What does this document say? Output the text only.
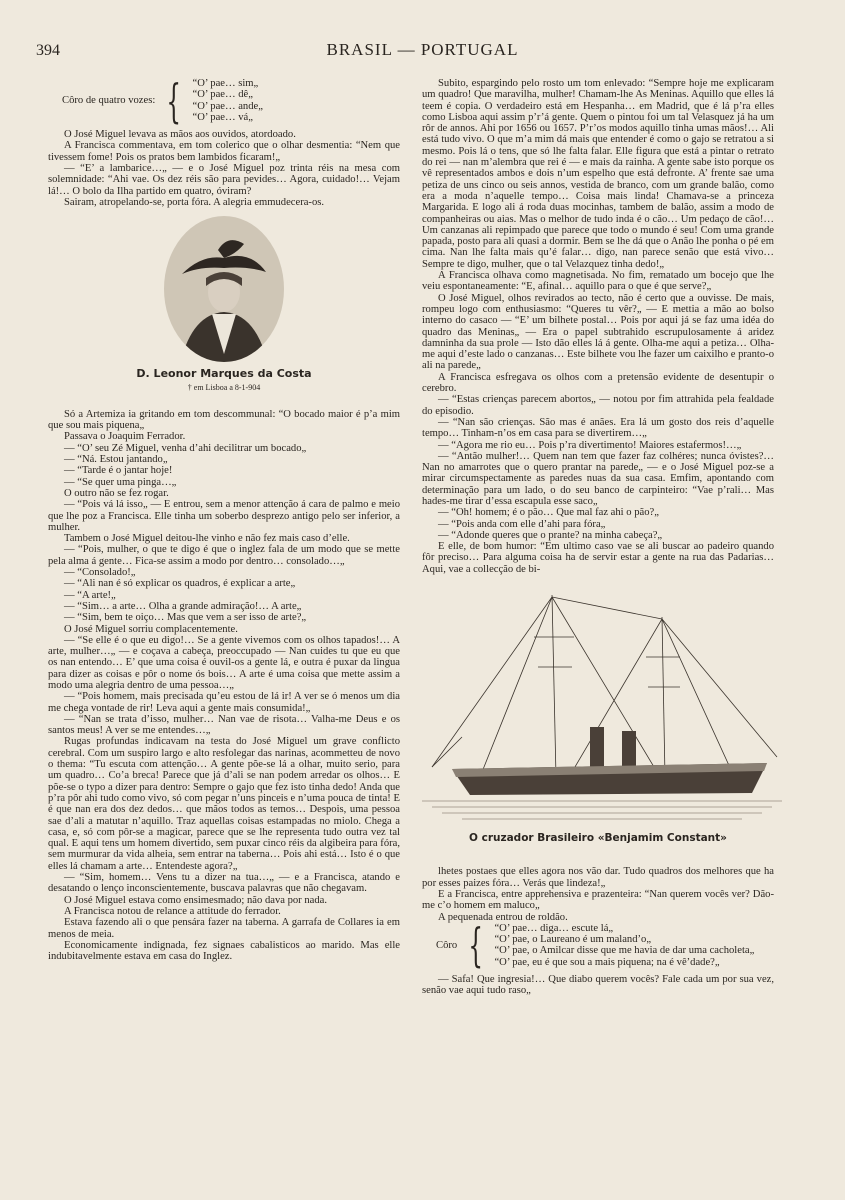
394	BRASIL — PORTUGAL
Côro de quatro vozes: { “O’ pae… sim„
“O’ pae… dê„
“O’ pae… ande„
“O’ pae… vá„

O José Miguel levava as mãos aos ouvidos, atordoado.

A Francisca commentava, em tom colerico que o olhar desmentia: “Nem que tivessem fome! Pois os pratos bem lambidos ficaram!„

— “E’ a lambarice…„ — e o José Miguel poz trinta réis na mesa com solemnidade: “Ahi vae. Os dez réis são para pevides… Agora, cuidado!… Vejam lá!… O bolo da Ilha partido em quatro, óviram?

Sairam, atropelando-se, porta fóra. A alegria emmudecera-os.

D. Leonor Marques da Costa
† em Lisboa a 8-1-904

Só a Artemiza ia gritando em tom descommunal: “O bocado maior é p’a mim que sou mais piquena„

Passava o Joaquim Ferrador.

— “O’ seu Zé Miguel, venha d’ahi decilitrar um bocado„

— “Ná. Estou jantando„

— “Tarde é o jantar hoje!

— “Se quer uma pinga…„

O outro não se fez rogar.

— “Pois vá lá isso„ — E entrou, sem a menor attenção á cara de palmo e meio que lhe poz a Francisca. Elle tinha um soberbo desprezo antigo pelo ser inferior, a mulher.

Tambem o José Miguel deitou-lhe vinho e não fez mais caso d’elle.

— “Pois, mulher, o que te digo é que o inglez fala de um modo que se mette pela alma á gente… Fica-se assim a modo por dentro… consolado…„

— “Consolado!„

— “Ali nan é só explicar os quadros, é explicar a arte„

— “A arte!„

— “Sim… a arte… Olha a grande admiração!… A arte„

— “Sim, bem te oiço… Mas que vem a ser isso de arte?„

O José Miguel sorriu complacentemente.

— “Se elle é o que eu digo!… Se a gente vivemos com os olhos tapados!… A arte, mulher…„ — e coçava a cabeça, preoccupado — Nan cuides tu que eu que os nan entendo… E’ que uma coisa é ouvil-os a gente lá, e outra é puxar da lingua para dizer as coisas e pôr o nome ós bois… A arte é uma coisa que mette assim a modo uma alegria dentro de uma pessoa…„

— “Pois homem, mais precisada qu’eu estou de lá ir! A ver se ó menos um dia me chega vontade de rir! Leva aqui a gente mais consumida!„

— “Nan se trata d’isso, mulher… Nan vae de risota… Valha-me Deus e os santos meus! A ver se me entendes…„

Rugas profundas indicavam na testa do José Miguel um grave conflicto cerebral. Com um suspiro largo e alto resfolegar das narinas, acommetteu de novo o thema: “Tu escuta com attenção… A gente põe-se lá a olhar, muito serio, para um quadro… Co’a breca! Parece que já d’ali se nan podem arredar os olhos… E põe-se o typo a dizer para dentro: Sempre o gajo que fez isto tinha dedo! Anda que p’ra pôr ahi tudo como vivo, só com pegar n’uns pinceis e n’uma pouca de tinta! E é que nan era dos dez dedos… que mãos todos as temos… Despois, uma pessoa sae d’ali a matutar n’aquillo. Traz aquellas coisas estampadas no miolo. Chega a casa, e, só com pôr-se a magicar, parece que se lhe representa tudo outra vez tal qual. E aqui tens um homem divertido, sem puxar cinco réis da algibeira para fóra, sem murmurar da vida alheia, sem entrar na taberna… Pois ahi está… Isto é o que elles lá chamam a arte… Entendeste agora?„

— “Sim, homem… Vens tu a dizer na tua…„ — e a Francisca, atando e desatando o lenço inconscientemente, buscava palavras que não chegavam.

O José Miguel estava como ensimesmado; não dava por nada.

A Francisca notou de relance a attitude do ferrador.

Estava fazendo ali o que pensára fazer na taberna. A garrafa de Collares ia em menos de meia.

Economicamente indignada, fez signaes cabalisticos ao marido. Mas elle indubitavelmente estava em casa do Inglez.

Subito, espargindo pelo rosto um tom enlevado: “Sempre hoje me explicaram um quadro! Que maravilha, mulher! Chamam-lhe As Meninas. Aquillo que elles lá teem é copia. O verdadeiro está em Hespanha… em Madrid, que é lá p’ra elles como Lisboa aqui assim p’r’á gente. Quem o pintou foi um tal Velasquez já ha um rôr de annos. Ahi por 1656 ou 1657. P’r’os modos aquillo tinha umas mãos!… Ali está tudo vivo. O que m’a mim dá mais que entender é como o gajo se retratou a si mesmo. Pois lá o tens, que só lhe falta falar. Elle figura que está a pintar o retrato do rei — nan m’alembra que rei é — e mais da rainha. A gente sabe isto porque os vê representados ambos e dois n’um espelho que está defronte. A’ frente sae uma petiza de uns cinco ou seis annos, vestida de branco, com um grande balão, como era a moda n’aquelle tempo… Coisa mais linda! Chamava-se a princeza Margarida. E logo ali á roda duas mocinhas, tambem de balão, assim a modo de companheiras ou aias. Mas o melhor de tudo inda é o cão… Um pedaço de cão!… Um canzanas ali repimpado que parece que todo o mundo é seu! Com uma grande papada, posto para ali quasi a dormir. Bem se lhe dá que o Anão lhe ponha o pé em cima. Nan lhe falta mais qu’é falar… digo, nan parece senão que está vivo… Sempre te digo, mulher, que o tal Velazquez tinha dedo!„

A Francisca olhava como magnetisada. No fim, rematado um bocejo que lhe veiu espontaneamente: “E, afinal… aquillo para o que é que serve?„

O José Miguel, olhos revirados ao tecto, não é certo que a ouvisse. De mais, rompeu logo com enthusiasmo: “Queres tu vêr?„ — E mettia a mão ao bolso interno do casaco — “E’ um bilhete postal… Pois por aqui já se faz uma idéa do quadro das Meninas„ — Era o papel subtrahido escrupulosamente á aridez damninha da sua prole — Isto dão elles lá á gente. Olha-me aqui a petiza… Olha-me aqui d’este lado o canzanas… Este bilhete vou lhe fazer um caixilho e pranto-o ali na parede„

A Francisca esfregava os olhos com a pretensão evidente de desentupir o cerebro.

— “Estas crienças parecem abortos„ — notou por fim attrahida pela fealdade do episodio.

— “Nan são crienças. São mas é anães. Era lá um gosto dos reis d’aquelle tempo… Tinham-n’os em casa para se divertirem…„

— “Agora me rio eu… Pois p’ra divertimento! Maiores estafermos!…„

— “Antão mulher!… Quem nan tem que fazer faz colhéres; nunca óvistes?… Nan no amarrotes que o quero prantar na parede„ — e o José Miguel poz-se a mirar circumspectamente as paredes nuas da sua casa. Emfim, apontando com determinação para um lado, o do seu banco de carpinteiro: “Vae p’rali… Mas hades-me tirar d’essa escapula esse saco„

— “Oh! homem; é o pão… Que mal faz ahi o pão?„

— “Pois anda com elle d’ahi para fóra„

— “Adonde queres que o prante? na minha cabeça?„

E elle, de bom humor: “Em ultimo caso vae se ali buscar ao padeiro quando fôr preciso… Para alguma coisa ha de servir estar a gente na rua das Padarias… Aqui, vae a collecção de bi-

O cruzador Brasileiro «Benjamim Constant»

lhetes postaes que elles agora nos vão dar. Tudo quadros dos melhores que ha por esses paizes fóra… Verás que lindeza!„

E a Francisca, entre apprehensiva e prazenteira: “Nan querem vocês ver? Dão-me c’o homem em maluco„

A pequenada entrou de roldão.

Côro { “O’ pae… diga… escute lá„
“O’ pae, o Laureano é um maland’o„
“O’ pae, o Amilcar disse que me havia de dar uma cacholeta„
“O’ pae, eu é que sou a mais piquena; na é vê’dade?„

— Safa! Que ingresia!… Que diabo querem vocês? Fale cada um por sua vez, senão vae aqui tudo raso„
